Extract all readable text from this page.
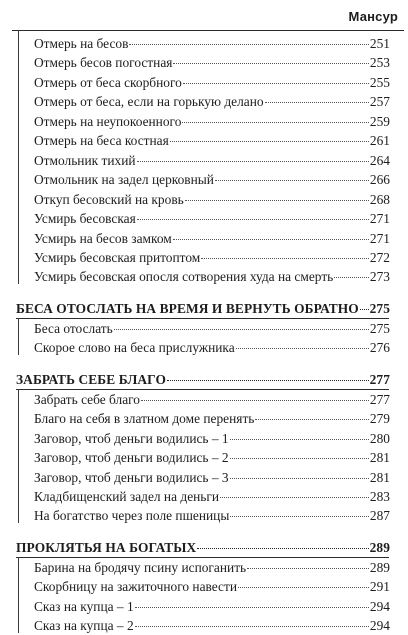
Мансур
Отмерь на бесов	251
Отмерь бесов погостная	253
Отмерь от беса скорбного	255
Отмерь от беса, если на горькую делано	257
Отмерь на неупокоенного	259
Отмерь на беса костная	261
Отмольник тихий	264
Отмольник на задел церковный	266
Откуп бесовский на кровь	268
Усмирь бесовская	271
Усмирь на бесов замком	271
Усмирь бесовская притоптом	272
Усмирь бесовская опосля сотворения худа на смерть	273
БЕСА ОТОСЛАТЬ НА ВРЕМЯ И ВЕРНУТЬ ОБРАТНО 275
Беса отослать	275
Скорое слово на беса прислужника	276
ЗАБРАТЬ СЕБЕ БЛАГО	277
Забрать себе благо	277
Благо на себя в златном доме перенять	279
Заговор, чтоб деньги водились – 1	280
Заговор, чтоб деньги водились – 2	281
Заговор, чтоб деньги водились – 3	281
Кладбищенский задел на деньги	283
На богатство через поле пшеницы	287
ПРОКЛЯТЬЯ НА БОГАТЫХ	289
Барина на бродячу псину испоганить	289
Скорбницу на зажиточного навести	291
Сказ на купца – 1	294
Сказ на купца – 2	294
